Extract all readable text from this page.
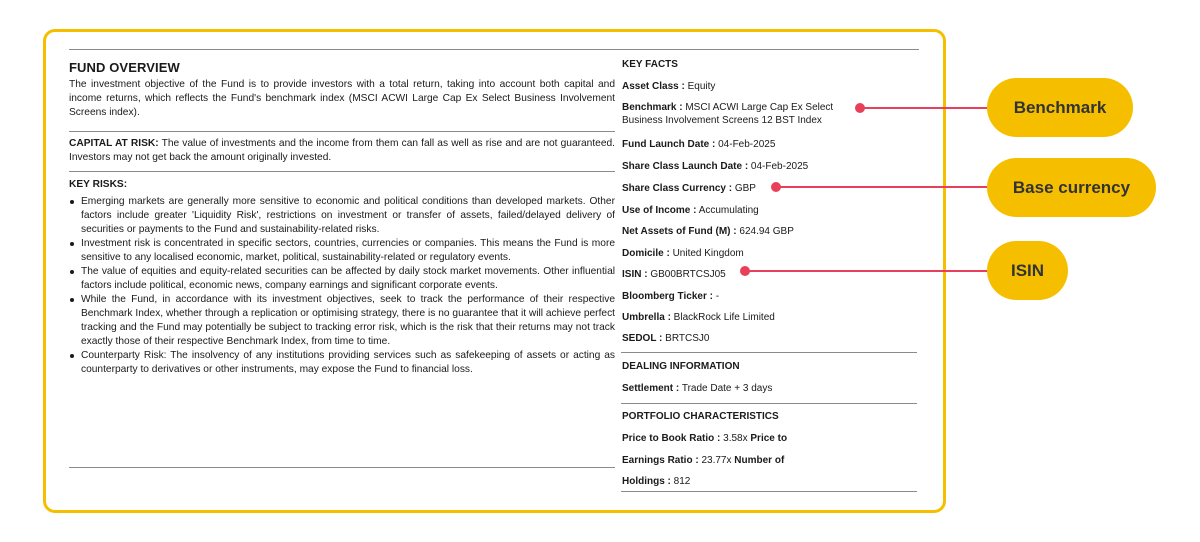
FUND OVERVIEW

The investment objective of the Fund is to provide investors with a total return, taking into account both capital and income returns, which reflects the Fund's benchmark index (MSCI ACWI Large Cap Ex Select Business Involvement Screens index).

CAPITAL AT RISK: The value of investments and the income from them can fall as well as rise and are not guaranteed. Investors may not get back the amount originally invested.

KEY RISKS:
Emerging markets are generally more sensitive to economic and political conditions than developed markets. Other factors include greater 'Liquidity Risk', restrictions on investment or transfer of assets, failed/delayed delivery of securities or payments to the Fund and sustainability-related risks.
Investment risk is concentrated in specific sectors, countries, currencies or companies. This means the Fund is more sensitive to any localised economic, market, political, sustainability-related or regulatory events.
The value of equities and equity-related securities can be affected by daily stock market movements. Other influential factors include political, economic news, company earnings and significant corporate events.
While the Fund, in accordance with its investment objectives, seek to track the performance of their respective Benchmark Index, whether through a replication or optimising strategy, there is no guarantee that it will achieve perfect tracking and the Fund may potentially be subject to tracking error risk, which is the risk that their returns may not track exactly those of their respective Benchmark Index, from time to time.
Counterparty Risk: The insolvency of any institutions providing services such as safekeeping of assets or acting as counterparty to derivatives or other instruments, may expose the Fund to financial loss.
KEY FACTS
Asset Class : Equity
Benchmark : MSCI ACWI Large Cap Ex Select Business Involvement Screens 12 BST Index
Fund Launch Date : 04-Feb-2025
Share Class Launch Date : 04-Feb-2025
Share Class Currency : GBP
Use of Income : Accumulating
Net Assets of Fund (M) : 624.94 GBP
Domicile : United Kingdom
ISIN : GB00BRTCSJ05
Bloomberg Ticker : -
Umbrella : BlackRock Life Limited
SEDOL : BRTCSJ0
DEALING INFORMATION
Settlement : Trade Date + 3 days
PORTFOLIO CHARACTERISTICS
Price to Book Ratio : 3.58x Price to
Earnings Ratio : 23.77x Number of
Holdings : 812
Benchmark
Base currency
ISIN
